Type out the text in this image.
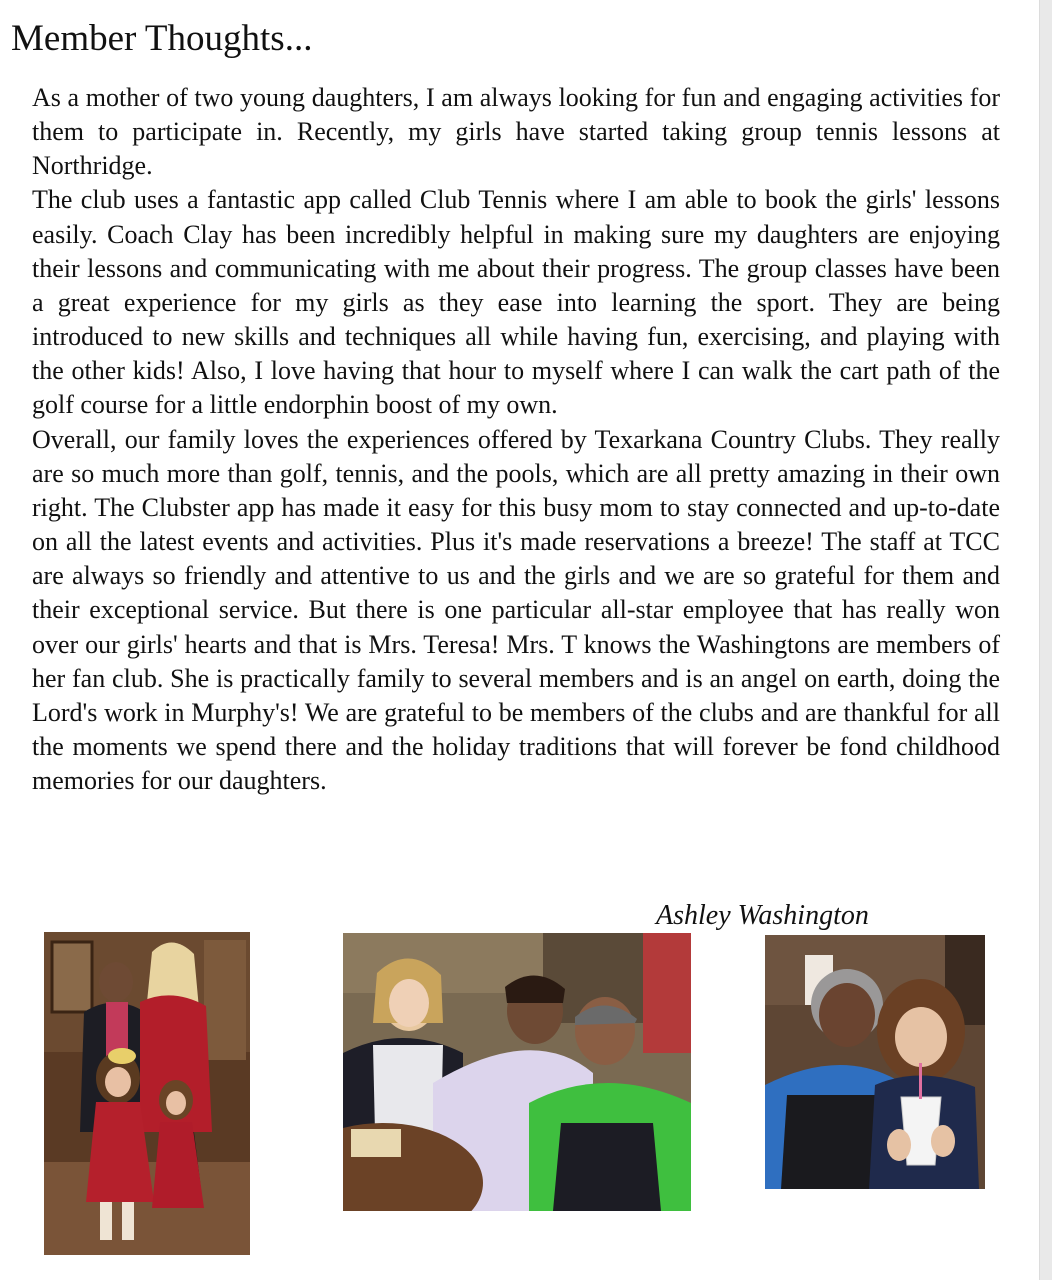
Member Thoughts...

As a mother of two young daughters, I am always looking for fun and engaging activities for them to participate in. Recently, my girls have started taking group tennis lessons at Northridge.

The club uses a fantastic app called Club Tennis where I am able to book the girls' lessons easily. Coach Clay has been incredibly helpful in making sure my daughters are enjoying their lessons and communicating with me about their progress. The group classes have been a great experience for my girls as they ease into learning the sport. They are being introduced to new skills and techniques all while having fun, exercising, and playing with the other kids! Also, I love having that hour to myself where I can walk the cart path of the golf course for a little endorphin boost of my own.

Overall, our family loves the experiences offered by Texarkana Country Clubs. They really are so much more than golf, tennis, and the pools, which are all pretty amazing in their own right. The Clubster app has made it easy for this busy mom to stay connected and up-to-date on all the latest events and activities. Plus it's made reservations a breeze! The staff at TCC are always so friendly and attentive to us and the girls and we are so grateful for them and their exceptional service. But there is one particular all-star employee that has really won over our girls' hearts and that is Mrs. Teresa! Mrs. T knows the Washingtons are members of her fan club. She is practically family to several members and is an angel on earth, doing the Lord's work in Murphy's! We are grateful to be members of the clubs and are thankful for all the moments we spend there and the holiday traditions that will forever be fond childhood memories for our daughters.

Ashley Washington
